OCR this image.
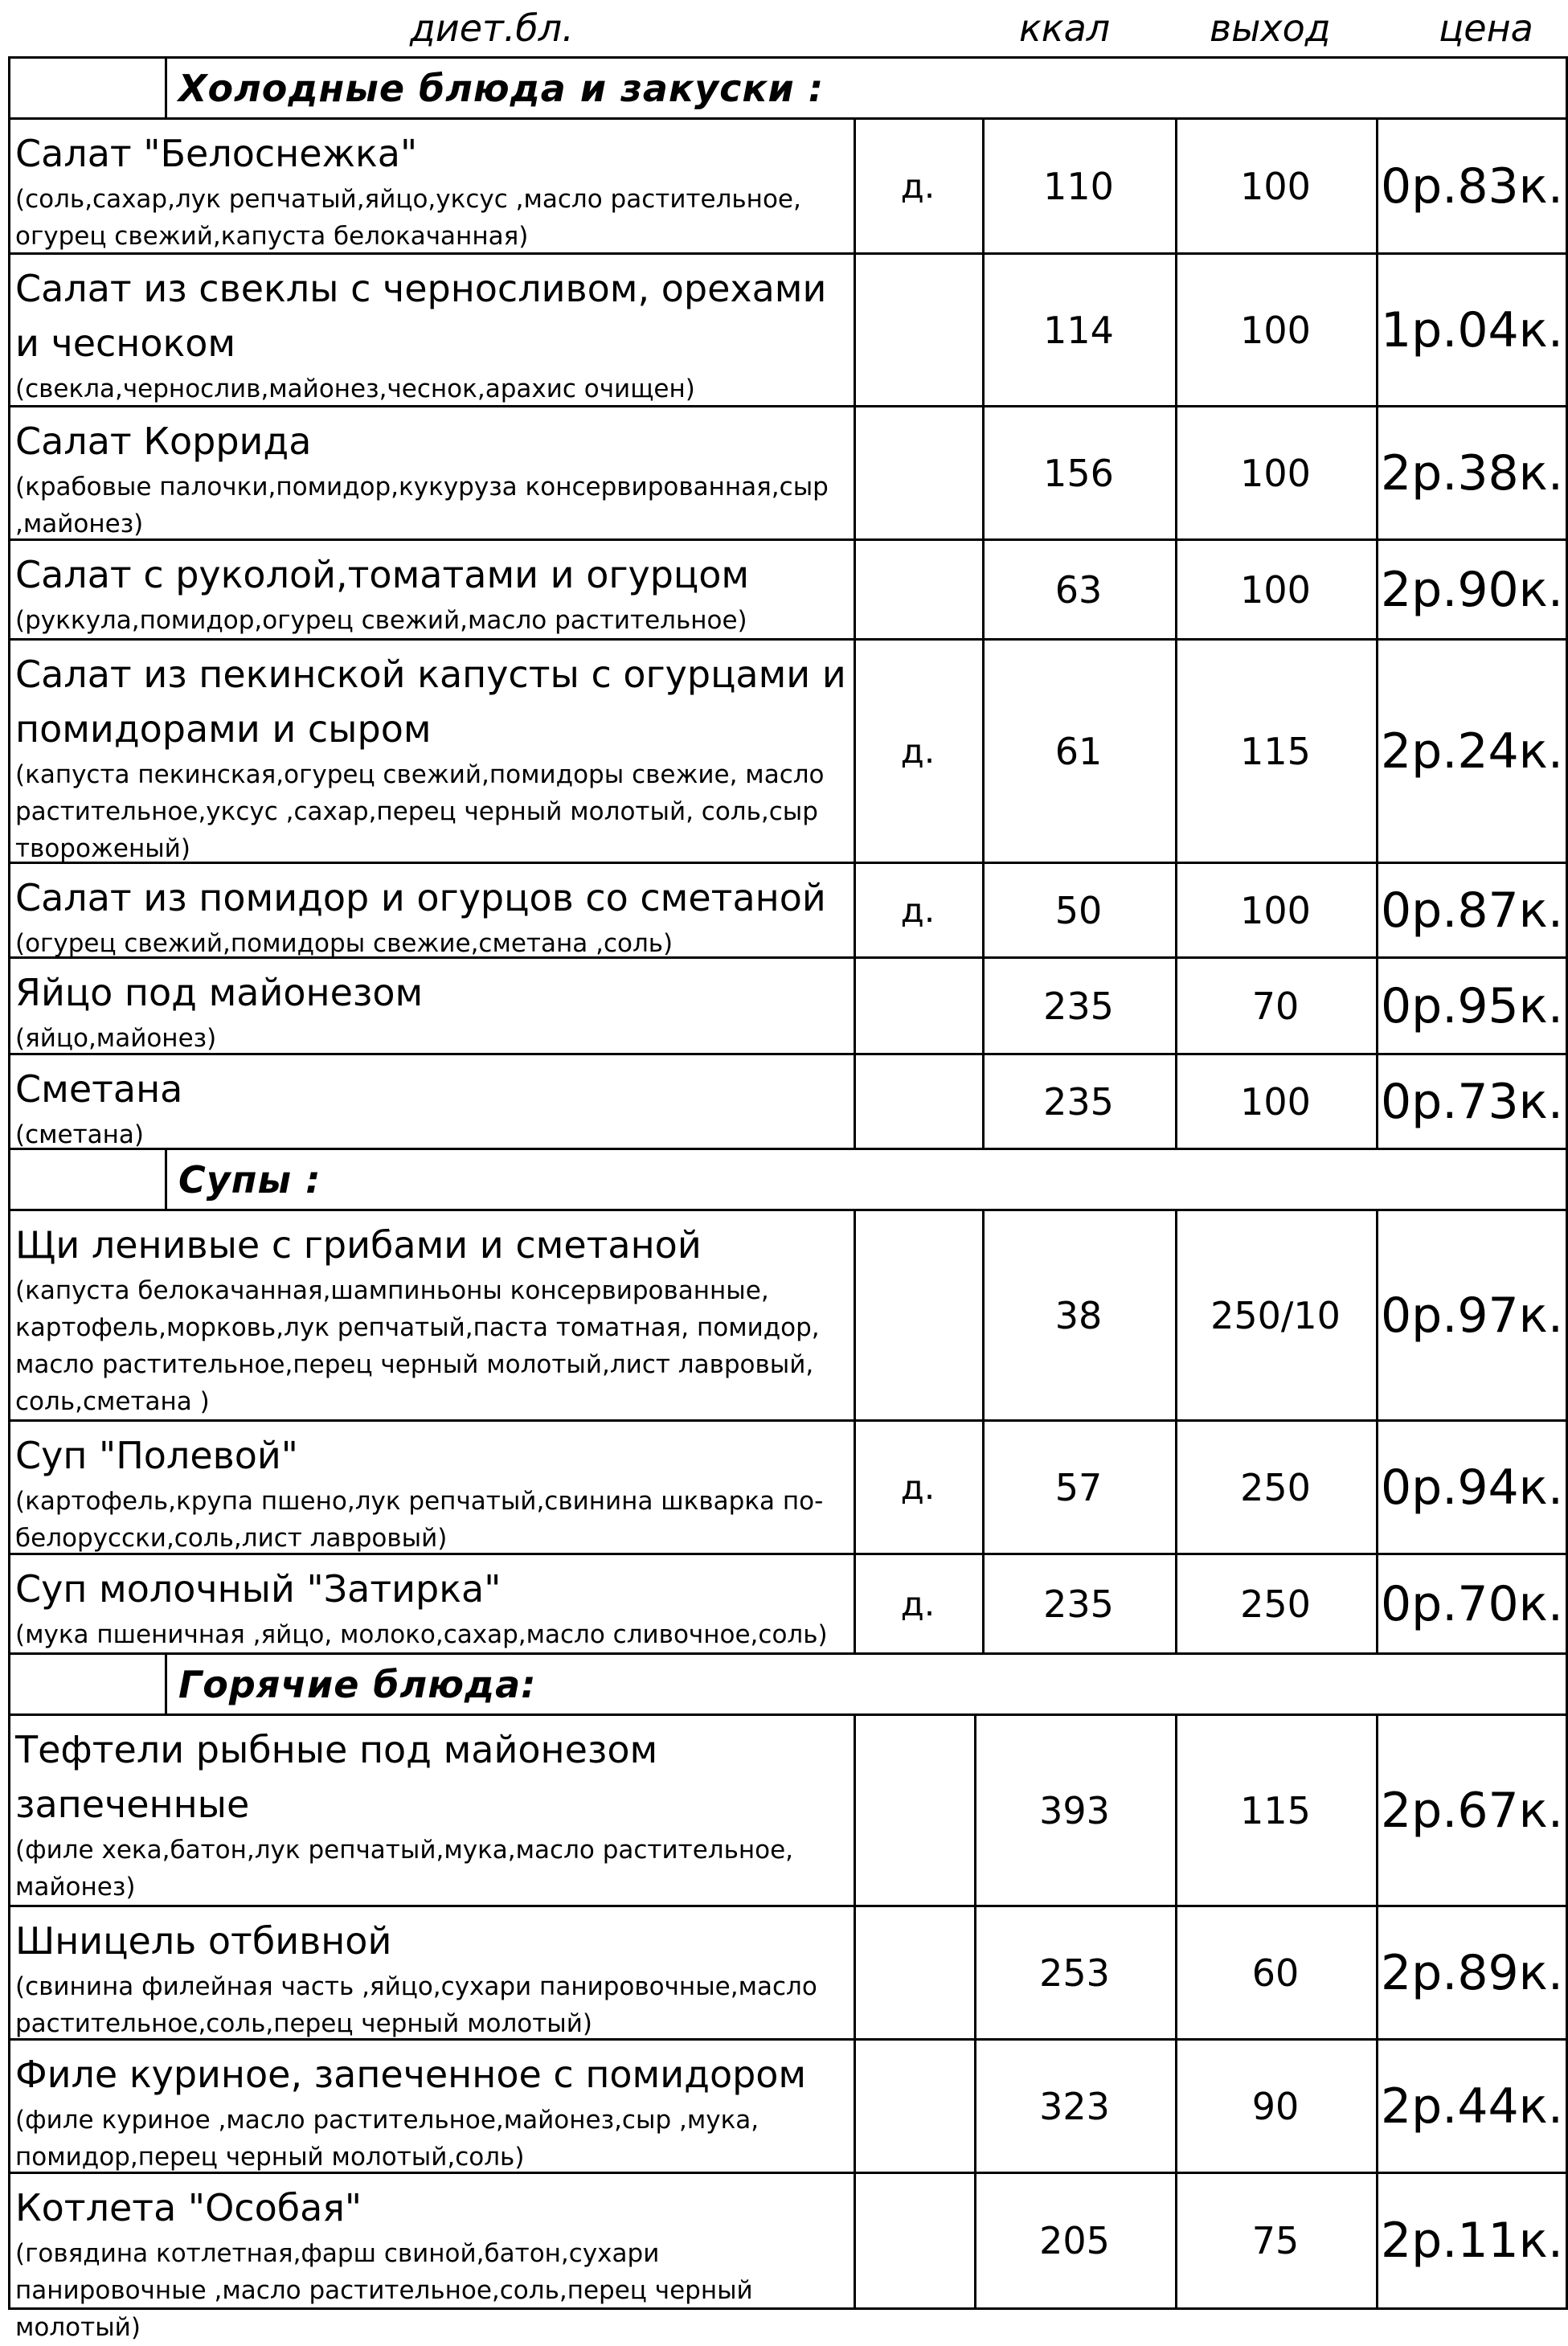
диет.бл.	ккал	выход	цена
Холодные блюда и закуски :
Салат "Белоснежка"
(соль,сахар,лук репчатый,яйцо,уксус ,масло растительное, огурец свежий,капуста белокачанная)
д.	110	100	0р.83к.
Салат из свеклы с черносливом, орехами и чесноком
(свекла,чернослив,майонез,чеснок,арахис очищен)
114	100	1р.04к.
Салат Коррида
(крабовые палочки,помидор,кукуруза консервированная,сыр ,майонез)
156	100	2р.38к.
Салат с руколой,томатами и огурцом
(руккула,помидор,огурец свежий,масло растительное)
63	100	2р.90к.
Салат из пекинской капусты с огурцами и помидорами и сыром
(капуста пекинская,огурец свежий,помидоры свежие, масло растительное,уксус ,сахар,перец черный молотый, соль,сыр твороженый)
д.	61	115	2р.24к.
Салат из помидор и огурцов со сметаной
(огурец свежий,помидоры свежие,сметана ,соль)
д.	50	100	0р.87к.
Яйцо под майонезом
(яйцо,майонез)
235	70	0р.95к.
Сметана
(сметана)
235	100	0р.73к.
Супы :
Щи ленивые с грибами и сметаной
(капуста белокачанная,шампиньоны консервированные, картофель,морковь,лук репчатый,паста томатная, помидор, масло растительное,перец черный молотый,лист лавровый, соль,сметана )
38	250/10 0р.97к.
Суп "Полевой"
(картофель,крупа пшено,лук репчатый,свинина шкварка по-белорусски,соль,лист лавровый)
д.	57	250	0р.94к.
Суп молочный "Затирка"
(мука пшеничная ,яйцо, молоко,сахар,масло сливочное,соль)
д.	235	250	0р.70к.
Горячие блюда:
Тефтели рыбные под майонезом запеченные
(филе хека,батон,лук репчатый,мука,масло растительное, майонез)
393	115	2р.67к.
Шницель отбивной
(свинина филейная часть ,яйцо,сухари панировочные,масло растительное,соль,перец черный молотый)
253	60	2р.89к.
Филе куриное, запеченное с помидором
(филе куриное ,масло растительное,майонез,сыр ,мука, помидор,перец черный молотый,соль)
323	90	2р.44к.
Котлета "Особая"
(говядина котлетная,фарш свиной,батон,сухари панировочные ,масло растительное,соль,перец черный молотый)
205	75	2р.11к.
